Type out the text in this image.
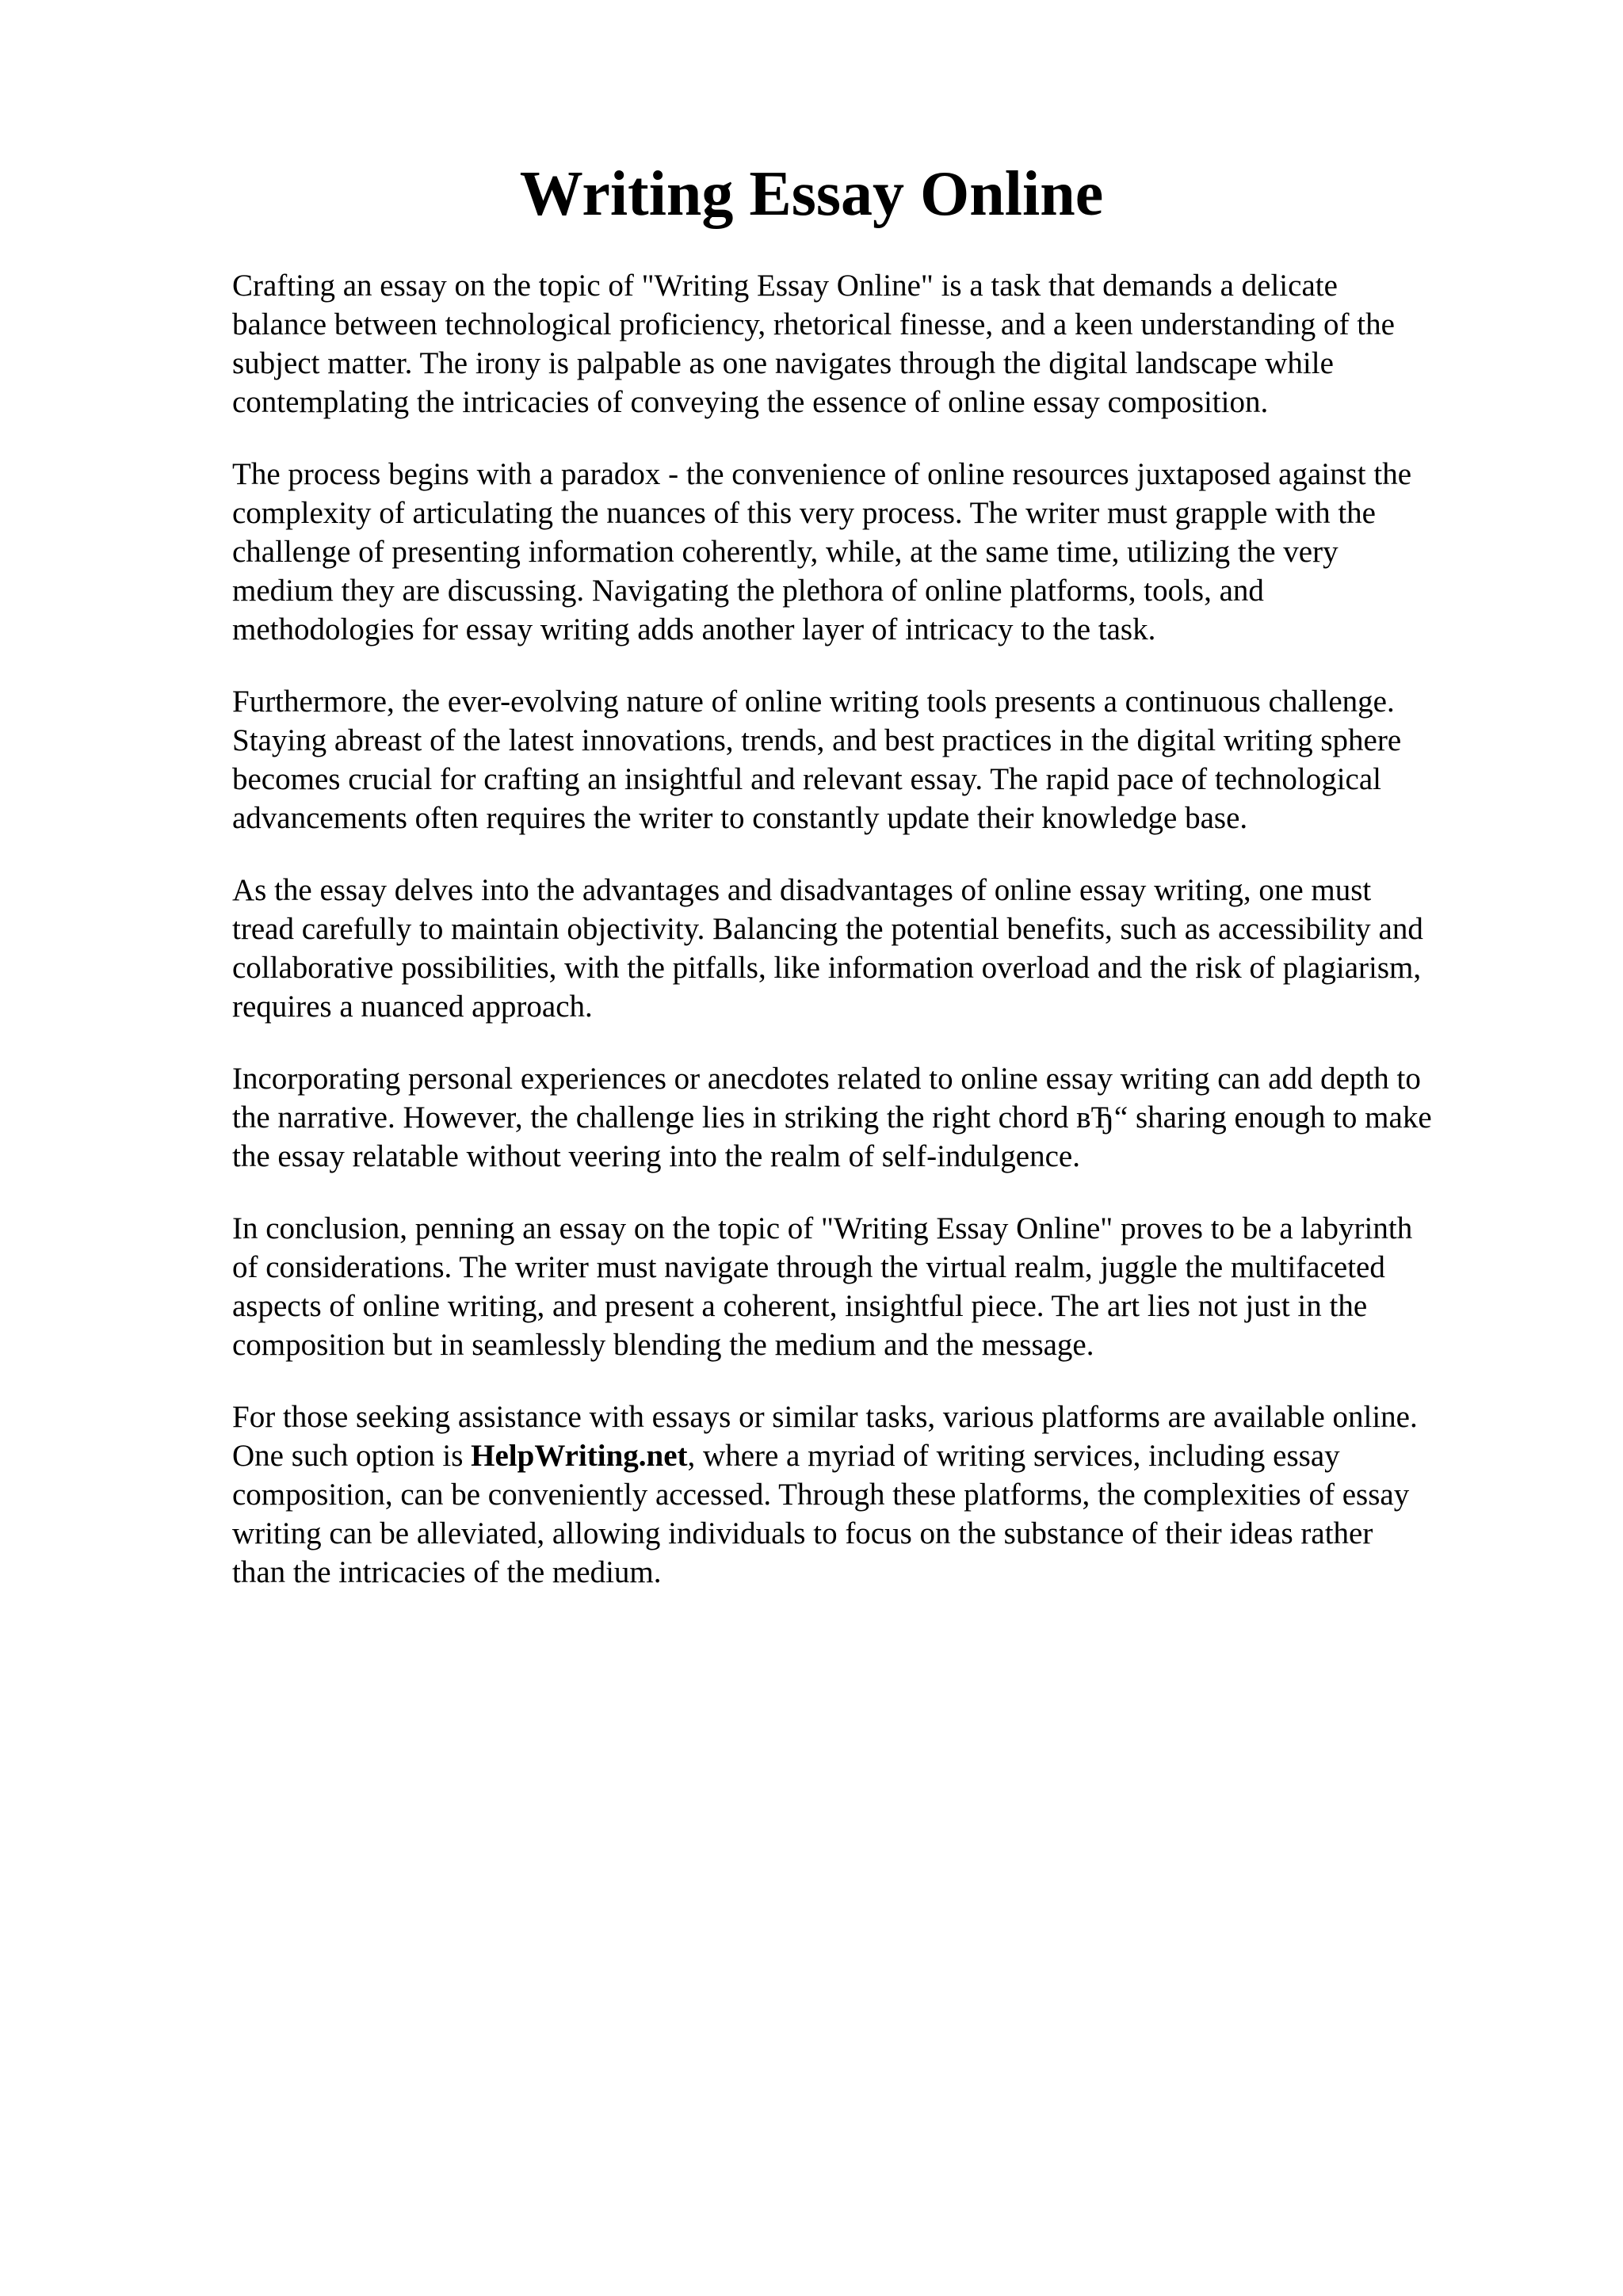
Writing Essay Online

Crafting an essay on the topic of "Writing Essay Online" is a task that demands a delicate
balance between technological proficiency, rhetorical finesse, and a keen understanding of the
subject matter. The irony is palpable as one navigates through the digital landscape while
contemplating the intricacies of conveying the essence of online essay composition.

The process begins with a paradox - the convenience of online resources juxtaposed against the
complexity of articulating the nuances of this very process. The writer must grapple with the
challenge of presenting information coherently, while, at the same time, utilizing the very
medium they are discussing. Navigating the plethora of online platforms, tools, and
methodologies for essay writing adds another layer of intricacy to the task.

Furthermore, the ever-evolving nature of online writing tools presents a continuous challenge.
Staying abreast of the latest innovations, trends, and best practices in the digital writing sphere
becomes crucial for crafting an insightful and relevant essay. The rapid pace of technological
advancements often requires the writer to constantly update their knowledge base.

As the essay delves into the advantages and disadvantages of online essay writing, one must
tread carefully to maintain objectivity. Balancing the potential benefits, such as accessibility and
collaborative possibilities, with the pitfalls, like information overload and the risk of plagiarism,
requires a nuanced approach.

Incorporating personal experiences or anecdotes related to online essay writing can add depth to
the narrative. However, the challenge lies in striking the right chord вЂ“ sharing enough to make
the essay relatable without veering into the realm of self-indulgence.

In conclusion, penning an essay on the topic of "Writing Essay Online" proves to be a labyrinth
of considerations. The writer must navigate through the virtual realm, juggle the multifaceted
aspects of online writing, and present a coherent, insightful piece. The art lies not just in the
composition but in seamlessly blending the medium and the message.

For those seeking assistance with essays or similar tasks, various platforms are available online.
One such option is HelpWriting.net, where a myriad of writing services, including essay
composition, can be conveniently accessed. Through these platforms, the complexities of essay
writing can be alleviated, allowing individuals to focus on the substance of their ideas rather
than the intricacies of the medium.
